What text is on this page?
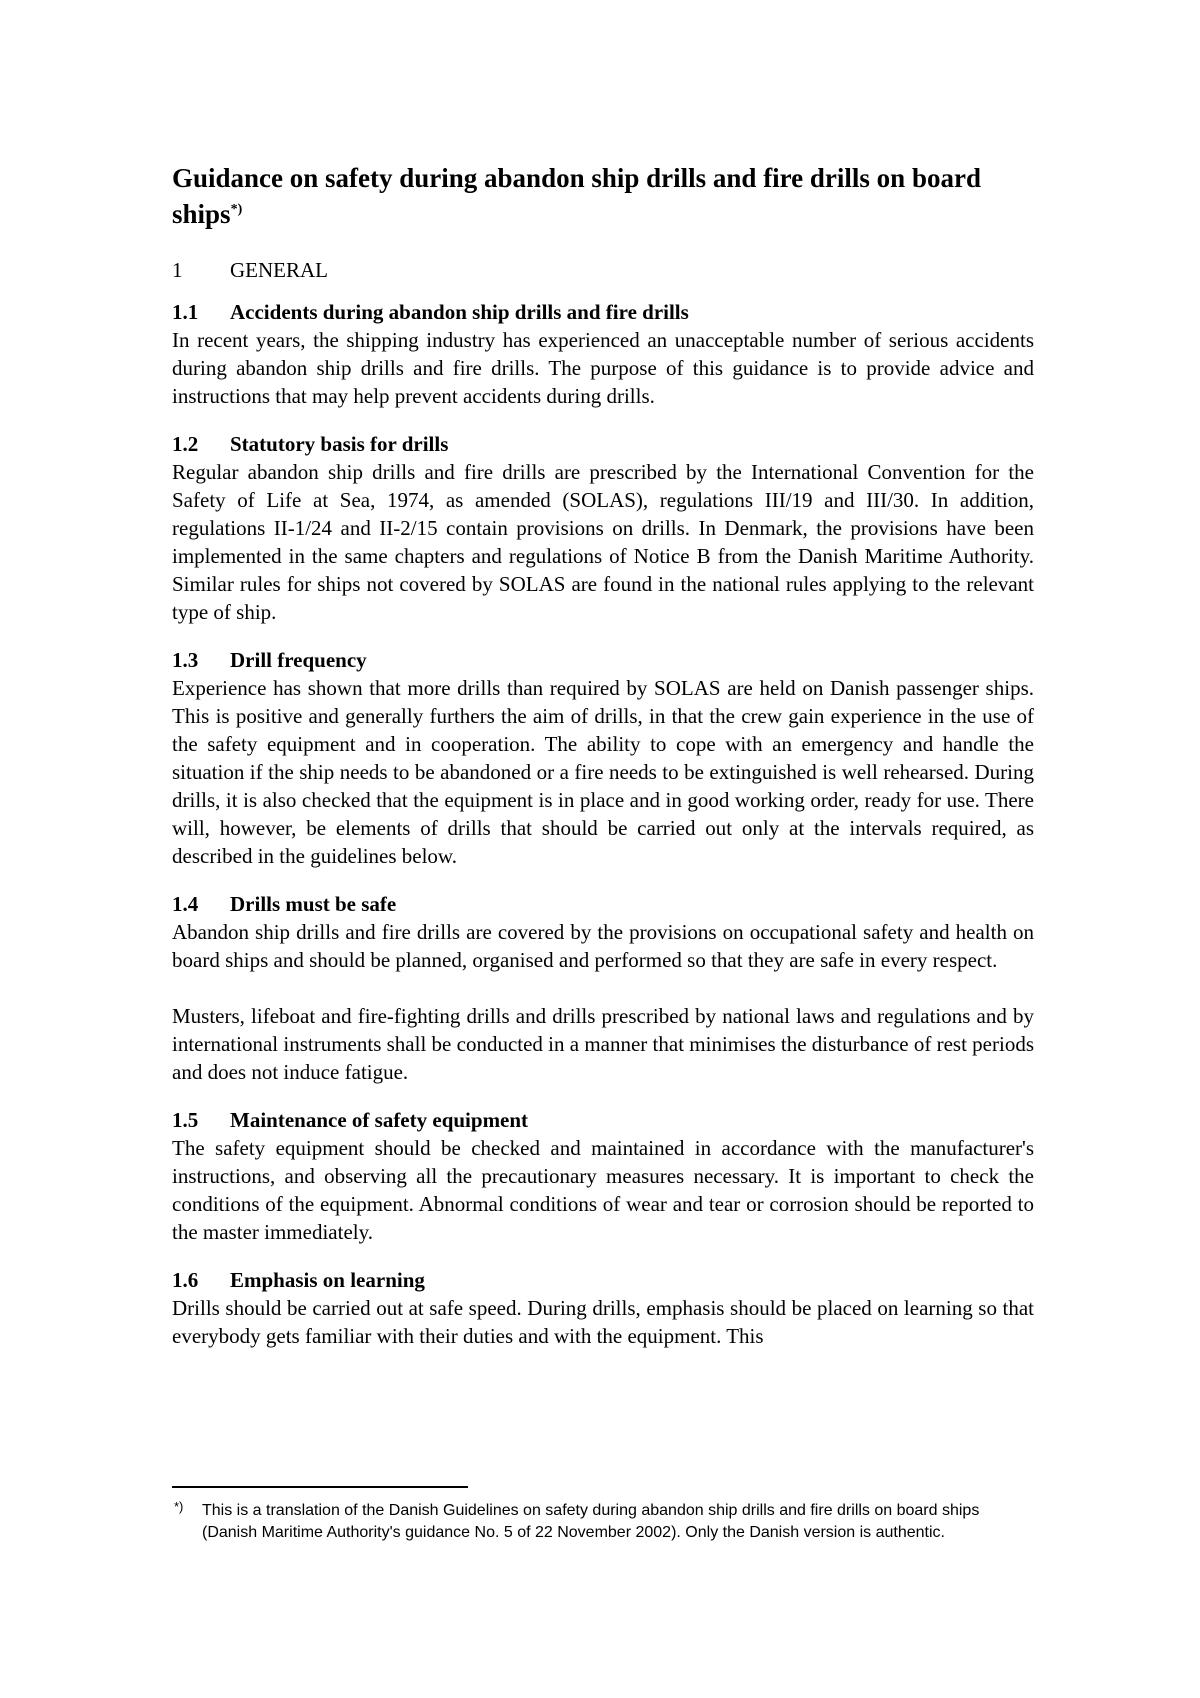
Guidance on safety during abandon ship drills and fire drills on board ships*)
1 GENERAL
1.1 Accidents during abandon ship drills and fire drills

In recent years, the shipping industry has experienced an unacceptable number of serious accidents during abandon ship drills and fire drills. The purpose of this guidance is to provide advice and instructions that may help prevent accidents during drills.

1.2 Statutory basis for drills

Regular abandon ship drills and fire drills are prescribed by the International Convention for the Safety of Life at Sea, 1974, as amended (SOLAS), regulations III/19 and III/30. In addition, regulations II-1/24 and II-2/15 contain provisions on drills. In Denmark, the provisions have been implemented in the same chapters and regulations of Notice B from the Danish Maritime Authority. Similar rules for ships not covered by SOLAS are found in the national rules applying to the relevant type of ship.

1.3 Drill frequency

Experience has shown that more drills than required by SOLAS are held on Danish passenger ships. This is positive and generally furthers the aim of drills, in that the crew gain experience in the use of the safety equipment and in cooperation. The ability to cope with an emergency and handle the situation if the ship needs to be abandoned or a fire needs to be extinguished is well rehearsed. During drills, it is also checked that the equipment is in place and in good working order, ready for use. There will, however, be elements of drills that should be carried out only at the intervals required, as described in the guidelines below.

1.4 Drills must be safe

Abandon ship drills and fire drills are covered by the provisions on occupational safety and health on board ships and should be planned, organised and performed so that they are safe in every respect.

Musters, lifeboat and fire-fighting drills and drills prescribed by national laws and regulations and by international instruments shall be conducted in a manner that minimises the disturbance of rest periods and does not induce fatigue.

1.5 Maintenance of safety equipment

The safety equipment should be checked and maintained in accordance with the manufacturer's instructions, and observing all the precautionary measures necessary. It is important to check the conditions of the equipment. Abnormal conditions of wear and tear or corrosion should be reported to the master immediately.

1.6 Emphasis on learning

Drills should be carried out at safe speed. During drills, emphasis should be placed on learning so that everybody gets familiar with their duties and with the equipment. This

*) This is a translation of the Danish Guidelines on safety during abandon ship drills and fire drills on board ships (Danish Maritime Authority's guidance No. 5 of 22 November 2002). Only the Danish version is authentic.
